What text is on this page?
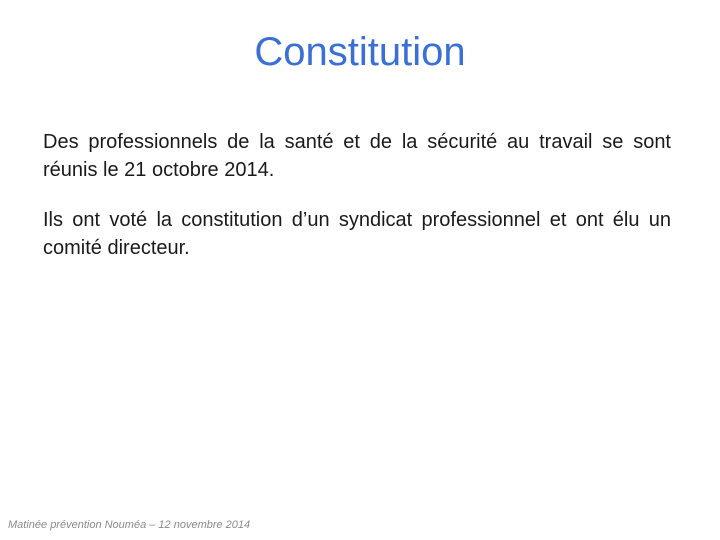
Constitution

Des professionnels de la santé et de la sécurité au travail se sont réunis le 21 octobre 2014.

Ils ont voté la constitution d’un syndicat professionnel et ont élu un comité directeur.

Matinée prévention Nouméa – 12 novembre 2014
